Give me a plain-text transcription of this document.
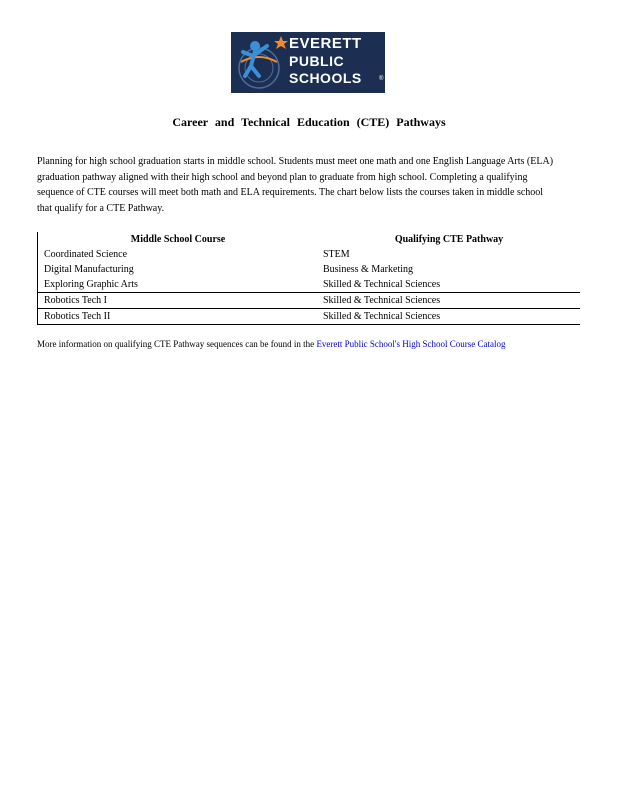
EVERETT
PUBLIC
SCHOOLS	®
Career and Technical Education (CTE) Pathways
Planning for high school graduation starts in middle school. Students must meet one math and one English Language Arts (ELA) graduation pathway aligned with their high school and beyond plan to graduate from high school. Completing a qualifying sequence of CTE courses will meet both math and ELA requirements. The chart below lists the courses taken in middle school that qualify for a CTE Pathway.
Middle School Course	Qualifying CTE Pathway
Coordinated Science	STEM
Digital Manufacturing	Business & Marketing
Exploring Graphic Arts	Skilled & Technical Sciences
Robotics Tech I	Skilled & Technical Sciences
Robotics Tech II	Skilled & Technical Sciences
More information on qualifying CTE Pathway sequences can be found in the Everett Public School's High School Course Catalog
